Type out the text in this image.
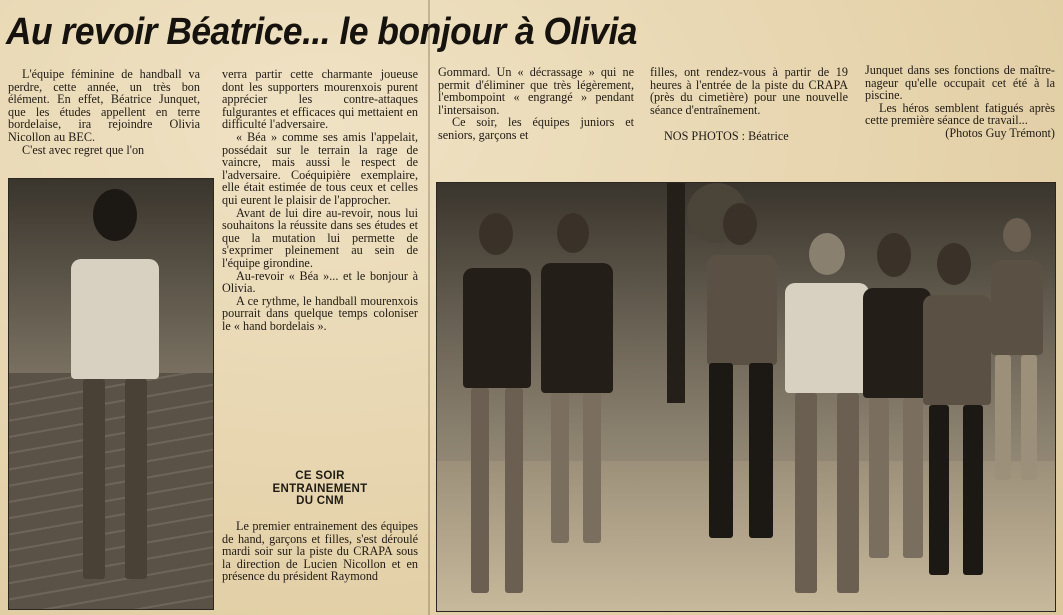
Au revoir Béatrice... le bonjour à Olivia

L'équipe féminine de handball va perdre, cette année, un très bon élément. En effet, Béatrice Junquet, que les études appellent en terre bordelaise, ira rejoindre Olivia Nicollon au BEC.

C'est avec regret que l'on

verra partir cette charmante joueuse dont les supporters mourenxois purent apprécier les contre-attaques fulgurantes et efficaces qui mettaient en difficulté l'adversaire.

« Béa » comme ses amis l'appelait, possédait sur le terrain la rage de vaincre, mais aussi le respect de l'adversaire. Coéquipière exemplaire, elle était estimée de tous ceux et celles qui eurent le plaisir de l'approcher.

Avant de lui dire au-revoir, nous lui souhaitons la réussite dans ses études et que la mutation lui permette de s'exprimer pleinement au sein de l'équipe girondine.

Au-revoir « Béa »... et le bonjour à Olivia.

A ce rythme, le handball mourenxois pourrait dans quelque temps coloniser le « hand bordelais ».

CE SOIR
ENTRAINEMENT
DU CNM

Le premier entrainement des équipes de hand, garçons et filles, s'est déroulé mardi soir sur la piste du CRAPA sous la direction de Lucien Nicollon et en présence du président Raymond

Gommard. Un « décrassage » qui ne permit d'éliminer que très légèrement, l'embompoint « engrangé » pendant l'intersaison.

Ce soir, les équipes juniors et seniors, garçons et

filles, ont rendez-vous à partir de 19 heures à l'entrée de la piste du CRAPA (près du cimetière) pour une nouvelle séance d'entraînement.

NOS PHOTOS : Béatrice

Junquet dans ses fonctions de maître-nageur qu'elle occupait cet été à la piscine.

Les héros semblent fatigués après cette première séance de travail...

(Photos Guy Trémont)
